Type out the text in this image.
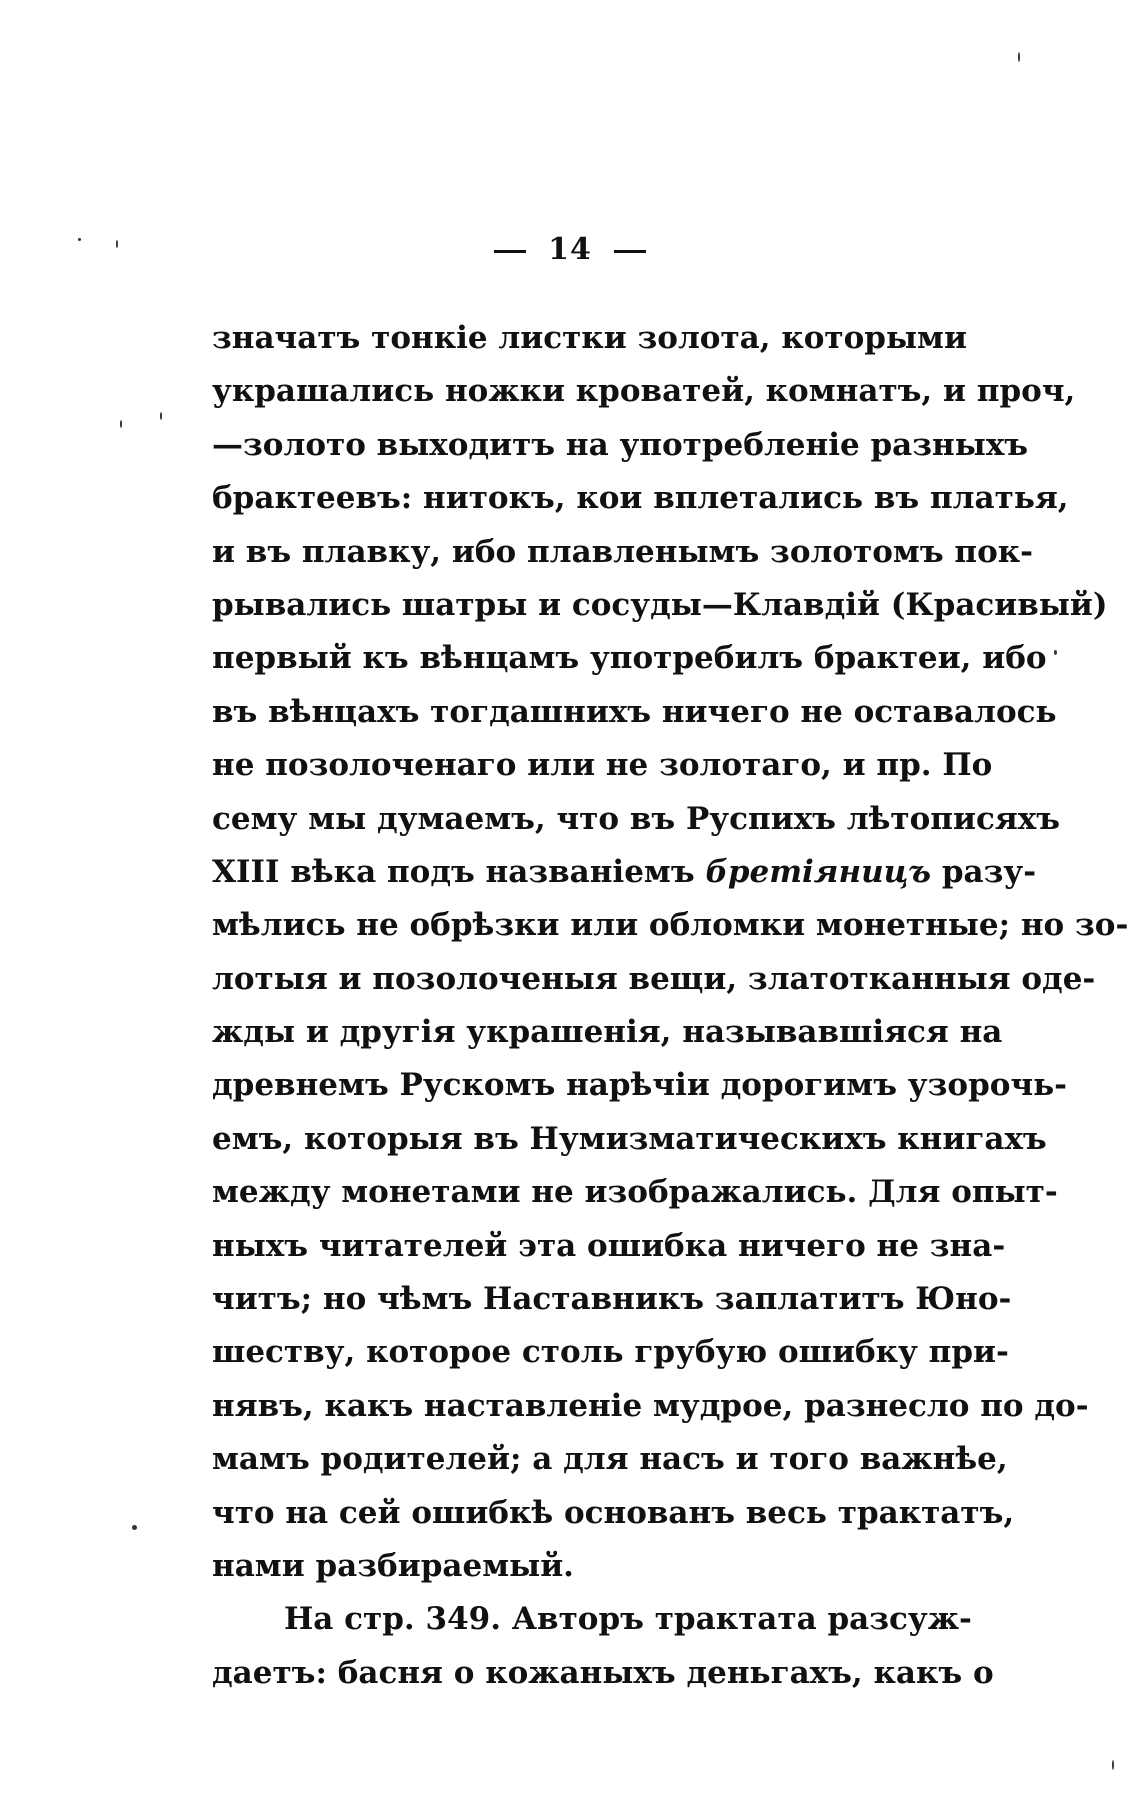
14
значатъ тонкіе листки золота, которыми
украшались ножки кроватей, комнатъ, и проч,
—золото выходитъ на употребленіе разныхъ
брактеевъ: нитокъ, кои вплетались въ платья,
и въ плавку, ибо плавленымъ золотомъ пок-
рывались шатры и сосуды—Клавдій (Красивый)
первый къ вѣнцамъ употребилъ брактеи, ибо
въ вѣнцахъ тогдашнихъ ничего не оставалось
не позолоченаго или не золотаго, и пр. По
сему мы думаемъ, что въ Руспихъ лѣтописяхъ
XIII вѣка подъ названіемъ бретіяницъ разу-
мѣлись не обрѣзки или обломки монетные; но зо-
лотыя и позолоченыя вещи, златотканныя оде-
жды и другія украшенія, называвшіяся на
древнемъ Рускомъ нарѣчіи дорогимъ узорочь-
емъ, которыя въ Нумизматическихъ книгахъ
между монетами не изображались. Для опыт-
ныхъ читателей эта ошибка ничего не зна-
читъ; но чѣмъ Наставникъ заплатитъ Юно-
шеству, которое столь грубую ошибку при-
нявъ, какъ наставленіе мудрое, разнесло по до-
мамъ родителей; а для насъ и того важнѣе,
что на сей ошибкѣ основанъ весь трактатъ,
нами разбираемый.
На стр. 349. Авторъ трактата разсуж-
даетъ: басня о кожаныхъ деньгахъ, какъ о
